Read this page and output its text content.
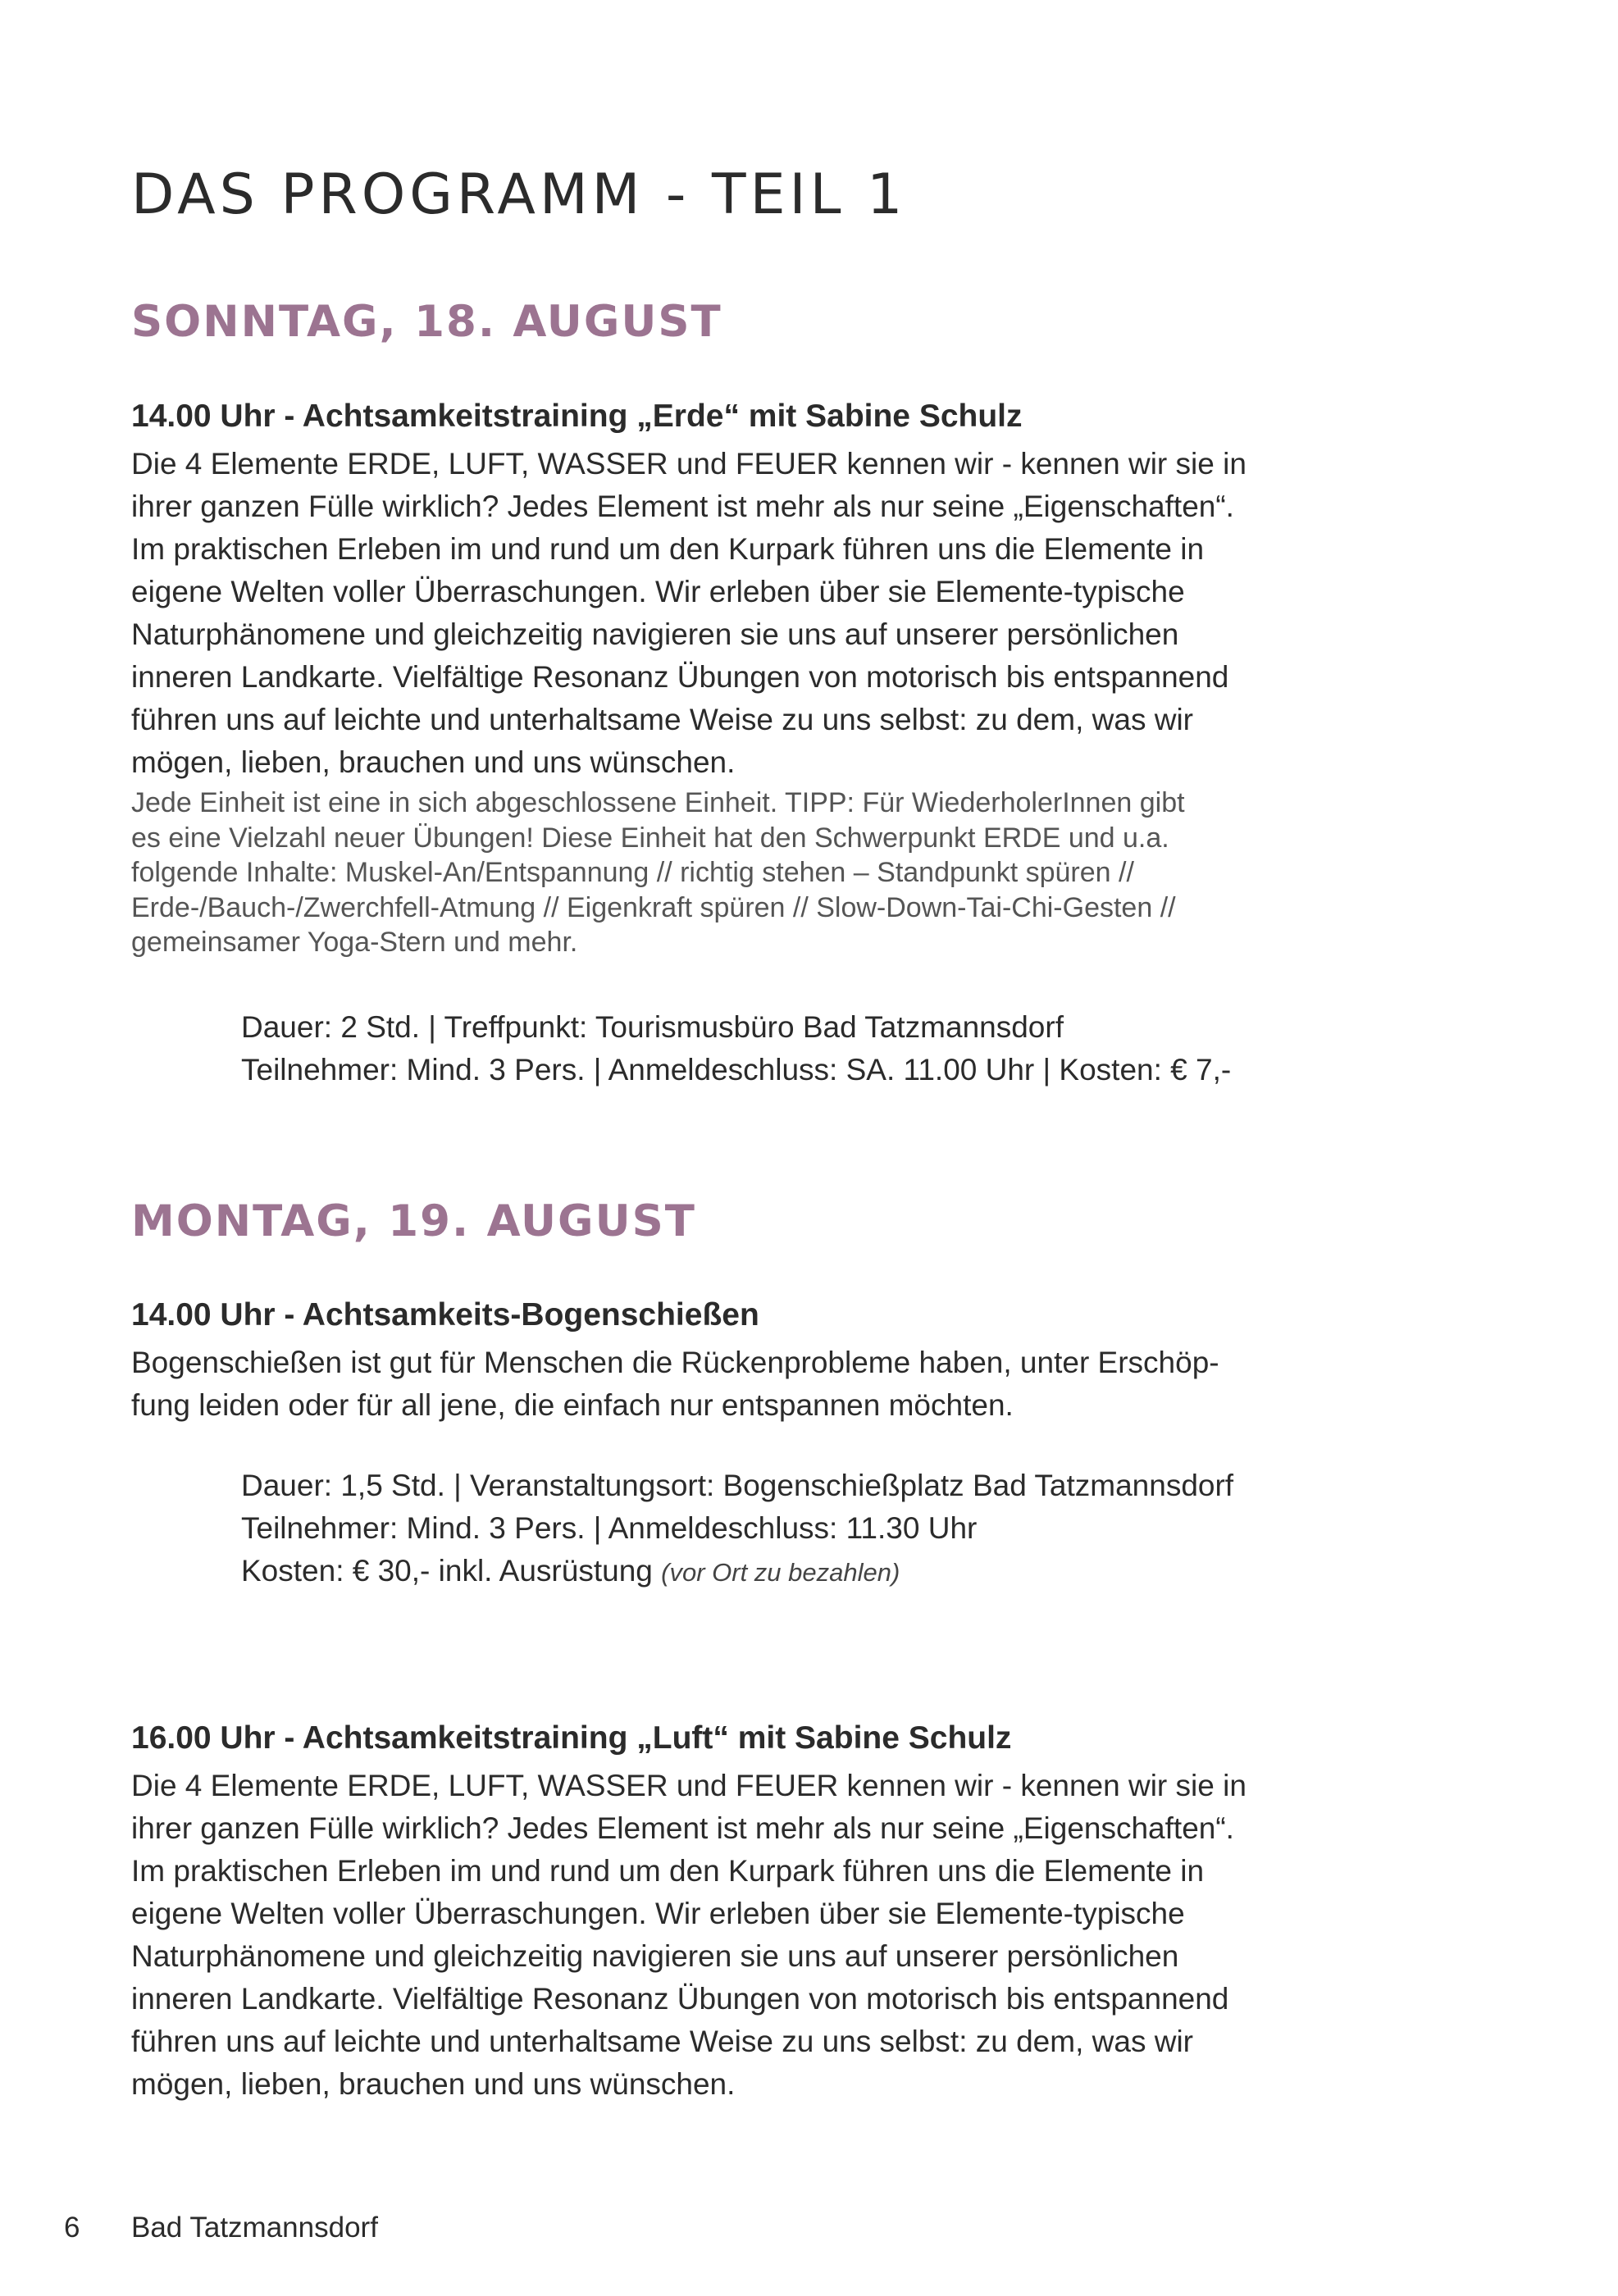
DAS PROGRAMM - TEIL 1
SONNTAG, 18. AUGUST
14.00 Uhr - Achtsamkeitstraining „Erde“ mit Sabine Schulz

Die 4 Elemente ERDE, LUFT, WASSER und FEUER kennen wir - kennen wir sie in
ihrer ganzen Fülle wirklich? Jedes Element ist mehr als nur seine „Eigenschaften“.
Im praktischen Erleben im und rund um den Kurpark führen uns die Elemente in
eigene Welten voller Überraschungen. Wir erleben über sie Elemente-typische
Naturphänomene und gleichzeitig navigieren sie uns auf unserer persönlichen
inneren Landkarte. Vielfältige Resonanz Übungen von motorisch bis entspannend
führen uns auf leichte und unterhaltsame Weise zu uns selbst: zu dem, was wir
mögen, lieben, brauchen und uns wünschen.

Jede Einheit ist eine in sich abgeschlossene Einheit. TIPP: Für WiederholerInnen gibt
es eine Vielzahl neuer Übungen! Diese Einheit hat den Schwerpunkt ERDE und u.a.
folgende Inhalte: Muskel-An/Entspannung // richtig stehen – Standpunkt spüren //
Erde-/Bauch-/Zwerchfell-Atmung // Eigenkraft spüren // Slow-Down-Tai-Chi-Gesten //
gemeinsamer Yoga-Stern und mehr.

Dauer: 2 Std. | Treffpunkt: Tourismusbüro Bad Tatzmannsdorf
Teilnehmer: Mind. 3 Pers. | Anmeldeschluss: SA. 11.00 Uhr | Kosten: € 7,-

MONTAG, 19. AUGUST
14.00 Uhr - Achtsamkeits-Bogenschießen

Bogenschießen ist gut für Menschen die Rückenprobleme haben, unter Erschöp-
fung leiden oder für all jene, die einfach nur entspannen möchten.

Dauer: 1,5 Std. | Veranstaltungsort: Bogenschießplatz Bad Tatzmannsdorf
Teilnehmer: Mind. 3 Pers. | Anmeldeschluss: 11.30 Uhr
Kosten: € 30,- inkl. Ausrüstung (vor Ort zu bezahlen)

16.00 Uhr - Achtsamkeitstraining „Luft“ mit Sabine Schulz

Die 4 Elemente ERDE, LUFT, WASSER und FEUER kennen wir - kennen wir sie in
ihrer ganzen Fülle wirklich? Jedes Element ist mehr als nur seine „Eigenschaften“.
Im praktischen Erleben im und rund um den Kurpark führen uns die Elemente in
eigene Welten voller Überraschungen. Wir erleben über sie Elemente-typische
Naturphänomene und gleichzeitig navigieren sie uns auf unserer persönlichen
inneren Landkarte. Vielfältige Resonanz Übungen von motorisch bis entspannend
führen uns auf leichte und unterhaltsame Weise zu uns selbst: zu dem, was wir
mögen, lieben, brauchen und uns wünschen.

6 Bad Tatzmannsdorf
